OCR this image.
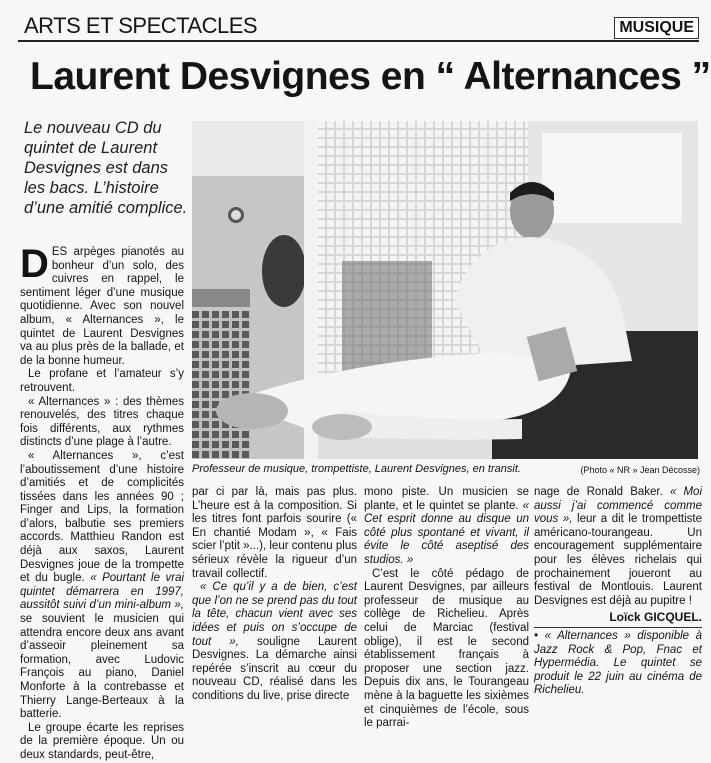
ARTS ET SPECTACLES	MUSIQUE
Laurent Desvignes en “ Alternances ”
Le nouveau CD du quintet de Laurent Desvignes est dans les bacs. L’histoire d’une amitié complice.
Professeur de musique, trompettiste, Laurent Desvignes, en transit.	(Photo « NR » Jean Décosse)
D ES arpèges pianotés au bonheur d’un solo, des cuivres en rappel, le sentiment léger d’une musique quotidienne. Avec son nouvel album, « Alternances », le quintet de Laurent Desvignes va au plus près de la ballade, et de la bonne humeur.

Le profane et l’amateur s’y retrouvent.

« Alternances » : des thèmes renouvelés, des titres chaque fois différents, aux rythmes distincts d’une plage à l’autre.

« Alternances », c’est l’aboutissement d’une histoire d’amitiés et de complicités tissées dans les années 90 ; Finger and Lips, la formation d’alors, balbutie ses premiers accords. Matthieu Randon est déjà aux saxos, Laurent Desvignes joue de la trompette et du bugle. « Pourtant le vrai quintet démarrera en 1997, aussitôt suivi d’un mini-album », se souvient le musicien qui attendra encore deux ans avant d’asseoir pleinement sa formation, avec Ludovic François au piano, Daniel Monforte à la contrebasse et Thierry Lange-Berteaux à la batterie.

Le groupe écarte les reprises de la première époque. Un ou deux standards, peut-être,

par ci par là, mais pas plus. L’heure est à la composition. Si les titres font parfois sourire (« En chantié Modam », « Fais scier l’ptit »...), leur contenu plus sérieux révèle la rigueur d’un travail collectif.

« Ce qu’il y a de bien, c’est que l’on ne se prend pas du tout la tête, chacun vient avec ses idées et puis on s’occupe de tout », souligne Laurent Desvignes. La démarche ainsi repérée s’inscrit au cœur du nouveau CD, réalisé dans les conditions du live, prise directe

mono piste. Un musicien se plante, et le quintet se plante. « Cet esprit donne au disque un côté plus spontané et vivant, il évite le côté aseptisé des studios. »

C’est le côté pédago de Laurent Desvignes, par ailleurs professeur de musique au collège de Richelieu. Après celui de Marciac (festival oblige), il est le second établissement français à proposer une section jazz. Depuis dix ans, le Tourangeau mène à la baguette les sixièmes et cinquièmes de l’école, sous le parrai-

nage de Ronald Baker. « Moi aussi j’ai commencé comme vous », leur a dit le trompettiste américano-tourangeau. Un encouragement supplémentaire pour les élèves richelais qui prochainement joueront au festival de Montlouis. Laurent Desvignes est déjà au pupitre !

Loïck GICQUEL.

• « Alternances » disponible à Jazz Rock & Pop, Fnac et Hypermédia. Le quintet se produit le 22 juin au cinéma de Richelieu.
